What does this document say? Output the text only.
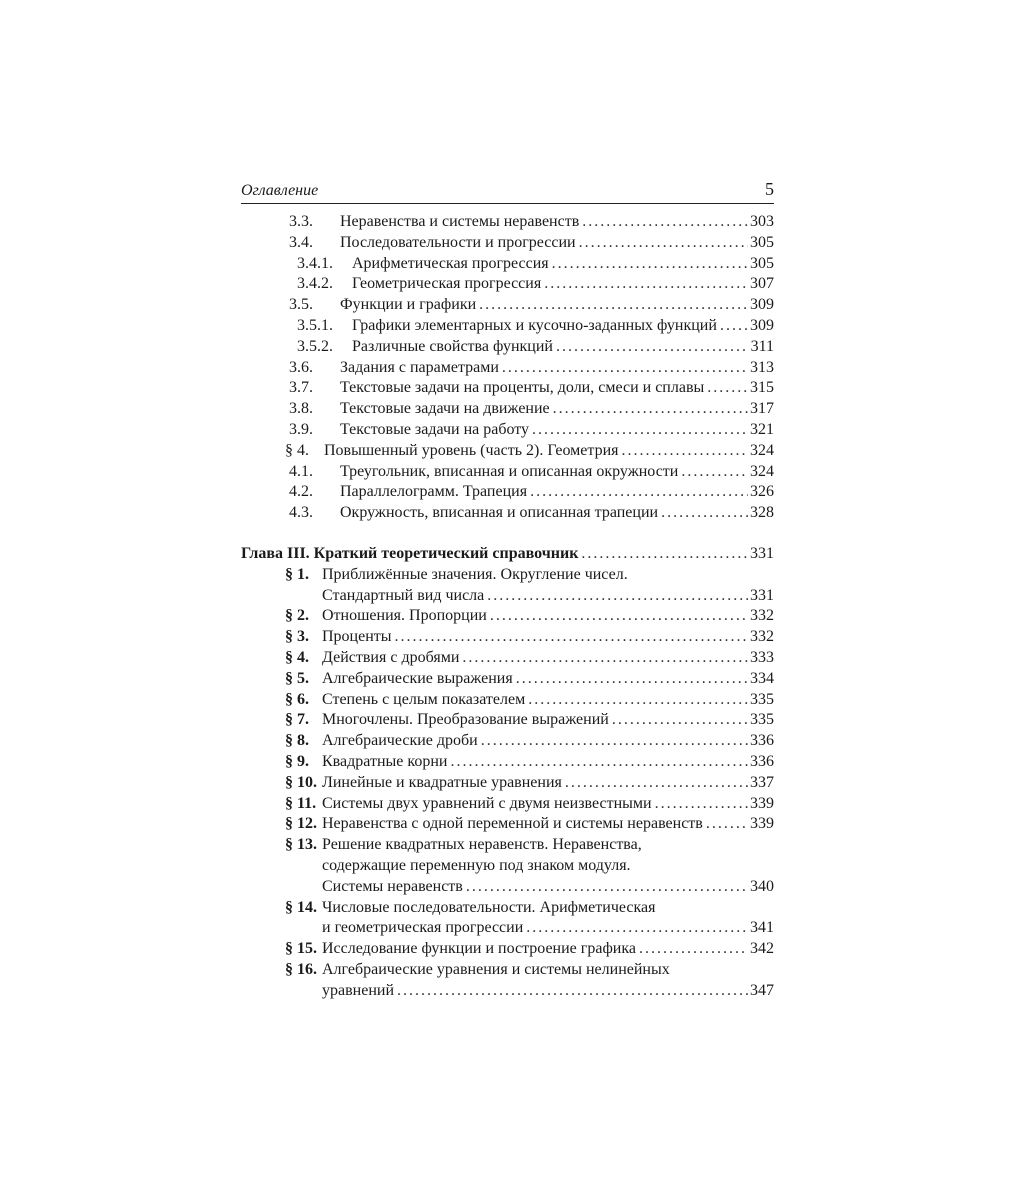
Оглавление	5
3.3. Неравенства и системы неравенств . . .	303
3.4. Последовательности и прогрессии . . .	305
3.4.1. Арифметическая прогрессия . . .	305
3.4.2. Геометрическая прогрессия . . .	307
3.5. Функции и графики . . .	309
3.5.1. Графики элементарных и кусочно-заданных функций . . . 309
3.5.2. Различные свойства функций . . .	311
3.6. Задания с параметрами . . .	313
3.7. Текстовые задачи на проценты, доли, смеси и сплавы . . .	315
3.8. Текстовые задачи на движение . . .	317
3.9. Текстовые задачи на работу . . .	321
§ 4. Повышенный уровень (часть 2). Геометрия . . .	324
4.1. Треугольник, вписанная и описанная окружности . . .	324
4.2. Параллелограмм. Трапеция . . .	326
4.3. Окружность, вписанная и описанная трапеции . . .	328
Глава III. Краткий теоретический справочник . . .	331
§ 1. Приближённые значения. Округление чисел.
Стандартный вид числа . . .	331
§ 2. Отношения. Пропорции . . .	332
§ 3. Проценты . . .	332
§ 4. Действия с дробями . . .	333
§ 5. Алгебраические выражения . . .	334
§ 6. Степень с целым показателем . . .	335
§ 7. Многочлены. Преобразование выражений . . .	335
§ 8. Алгебраические дроби . . .	336
§ 9. Квадратные корни . . .	336
§ 10. Линейные и квадратные уравнения . . .	337
§ 11. Системы двух уравнений с двумя неизвестными . . .	339
§ 12. Неравенства с одной переменной и системы неравенств . . .	339
§ 13. Решение квадратных неравенств. Неравенства,
содержащие переменную под знаком модуля.
Системы неравенств . . .	340
§ 14. Числовые последовательности. Арифметическая
и геометрическая прогрессии . . .	341
§ 15. Исследование функции и построение графика . . .	342
§ 16. Алгебраические уравнения и системы нелинейных
уравнений . . .	347
